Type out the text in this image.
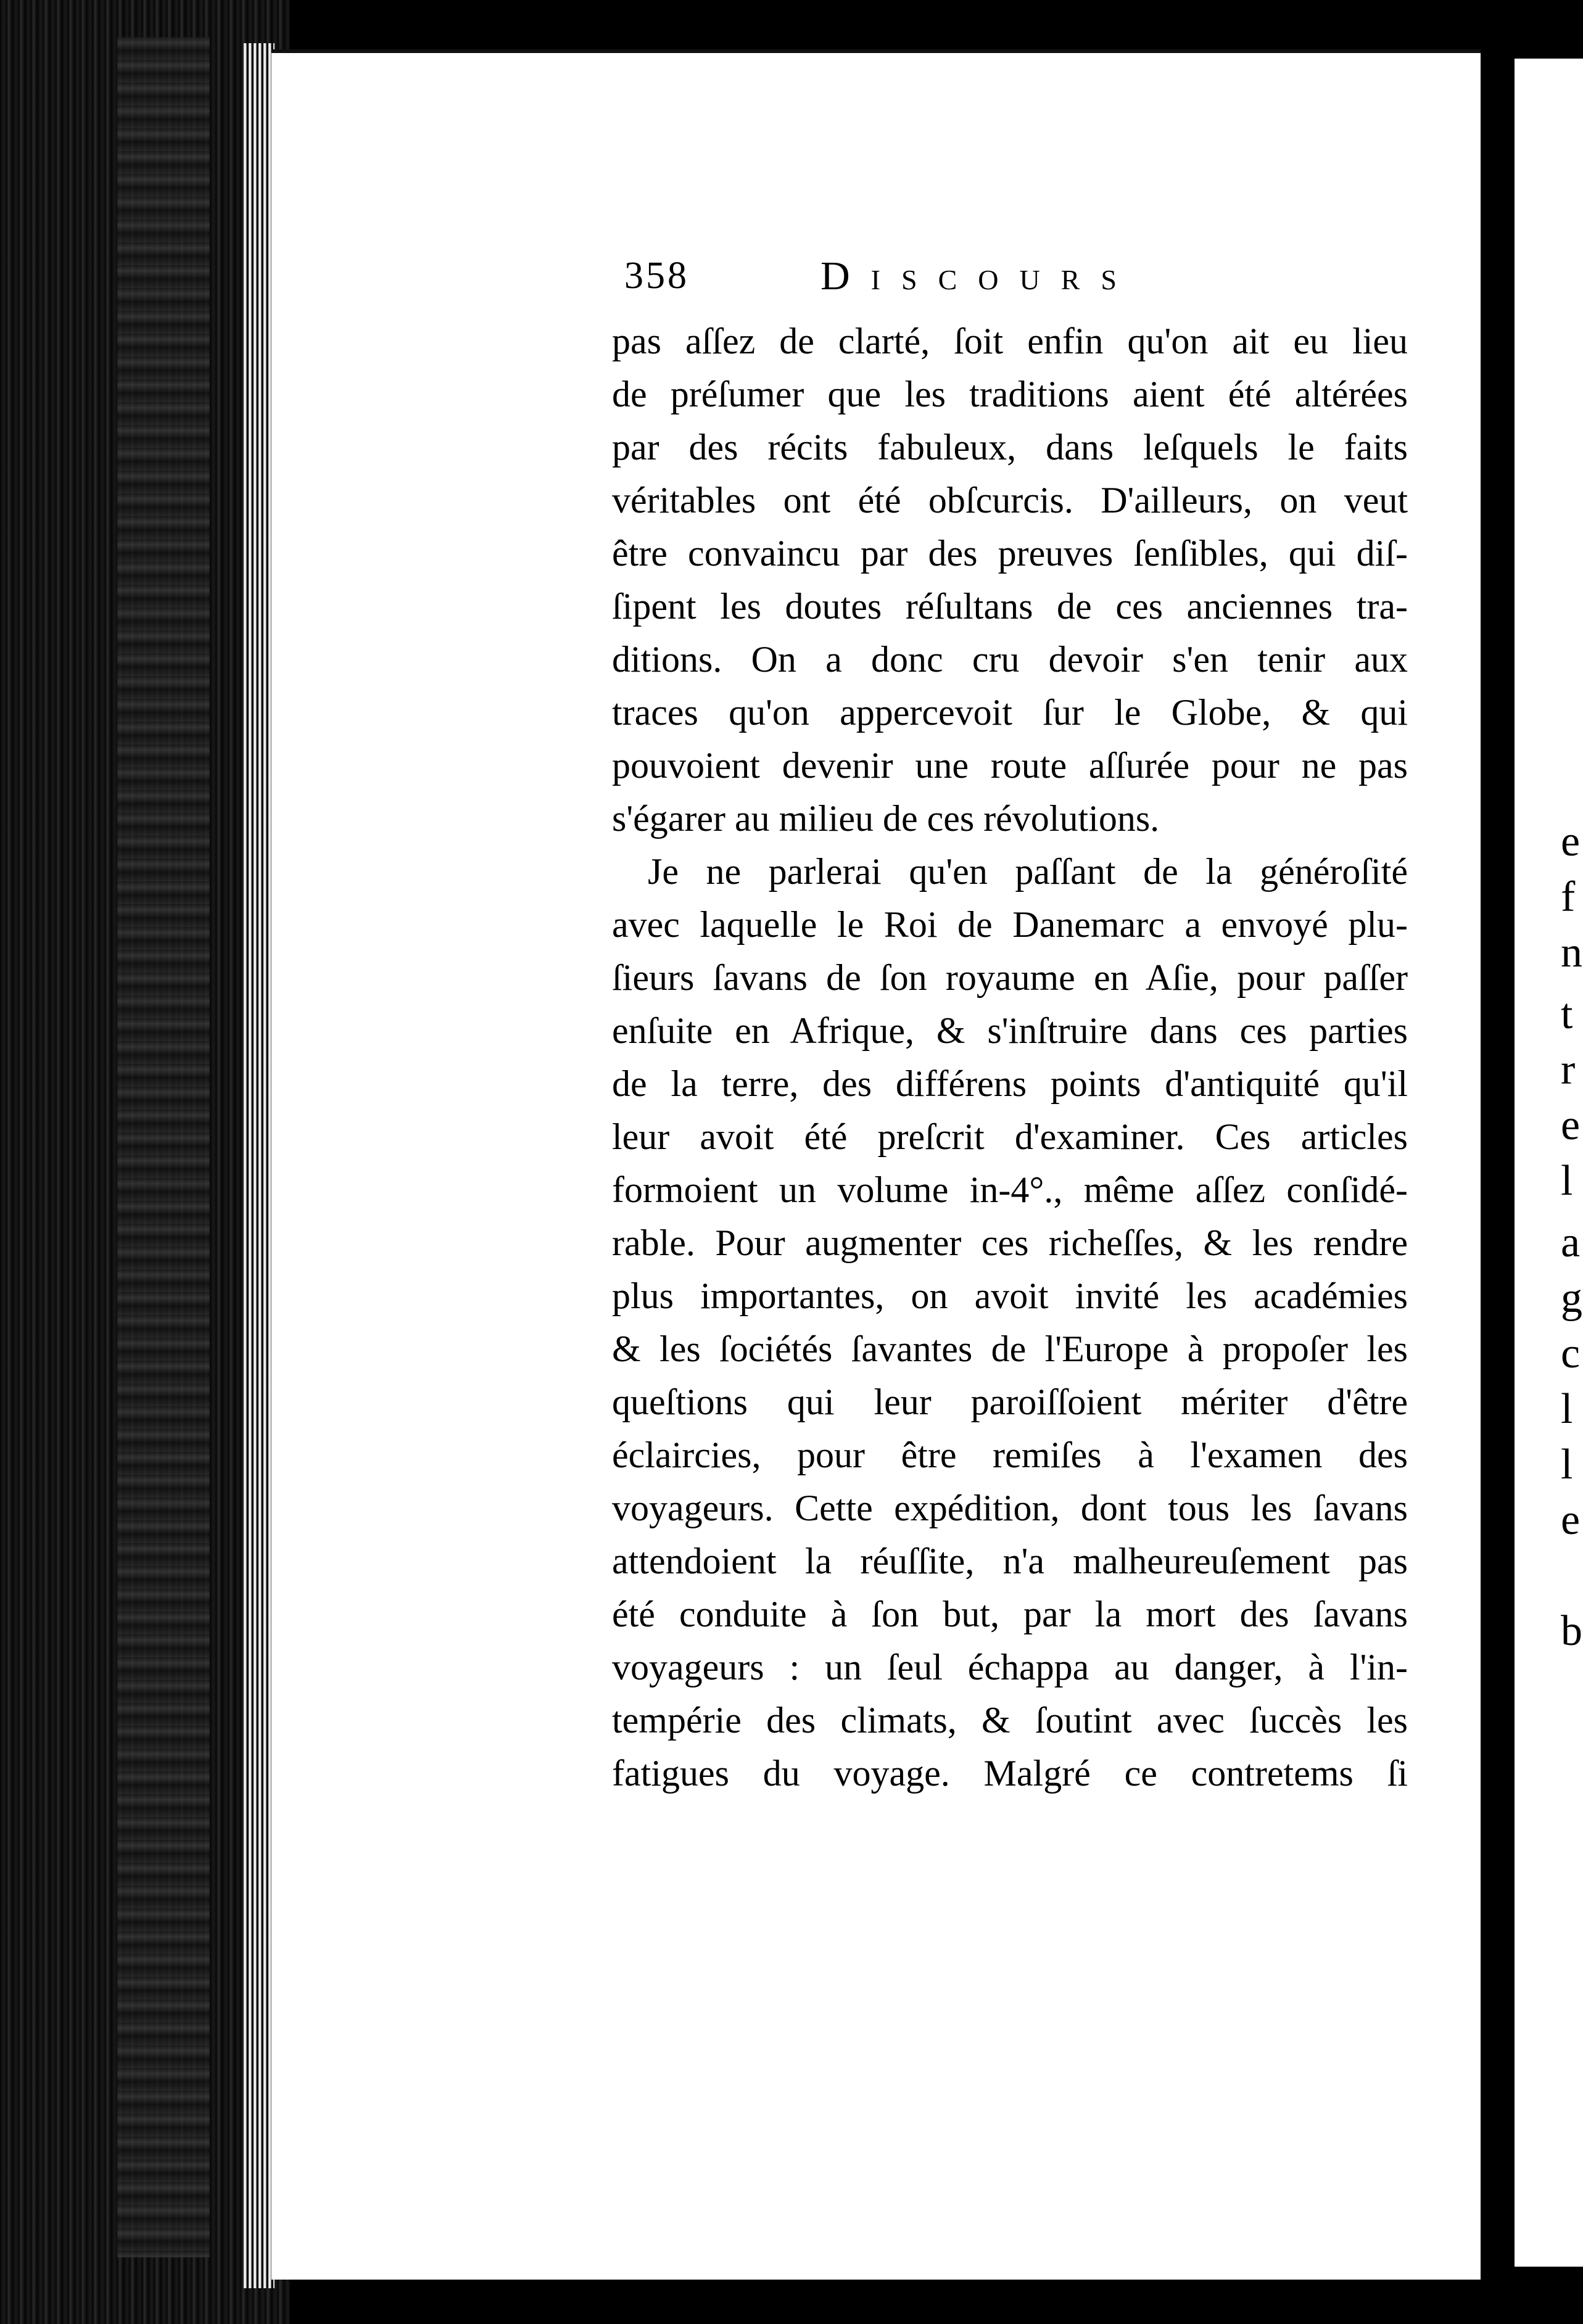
e
f
n
t
r
e
l
a
g
c
l
l
e
b
358	Discours
pas aſſez de clarté, ſoit enfin qu'on ait eu lieu
de préſumer que les traditions aient été altérées
par des récits fabuleux, dans leſquels le faits
véritables ont été obſcurcis. D'ailleurs, on veut
être convaincu par des preuves ſenſibles, qui diſ-
ſipent les doutes réſultans de ces anciennes tra-
ditions. On a donc cru devoir s'en tenir aux
traces qu'on appercevoit ſur le Globe, & qui
pouvoient devenir une route aſſurée pour ne pas
s'égarer au milieu de ces révolutions.
Je ne parlerai qu'en paſſant de la généroſité
avec laquelle le Roi de Danemarc a envoyé plu-
ſieurs ſavans de ſon royaume en Aſie, pour paſſer
enſuite en Afrique, & s'inſtruire dans ces parties
de la terre, des différens points d'antiquité qu'il
leur avoit été preſcrit d'examiner. Ces articles
formoient un volume in-4°., même aſſez conſidé-
rable. Pour augmenter ces richeſſes, & les rendre
plus importantes, on avoit invité les académies
& les ſociétés ſavantes de l'Europe à propoſer les
queſtions qui leur paroiſſoient mériter d'être
éclaircies, pour être remiſes à l'examen des
voyageurs. Cette expédition, dont tous les ſavans
attendoient la réuſſite, n'a malheureuſement pas
été conduite à ſon but, par la mort des ſavans
voyageurs : un ſeul échappa au danger, à l'in-
tempérie des climats, & ſoutint avec ſuccès les
fatigues du voyage. Malgré ce contretems ſi
